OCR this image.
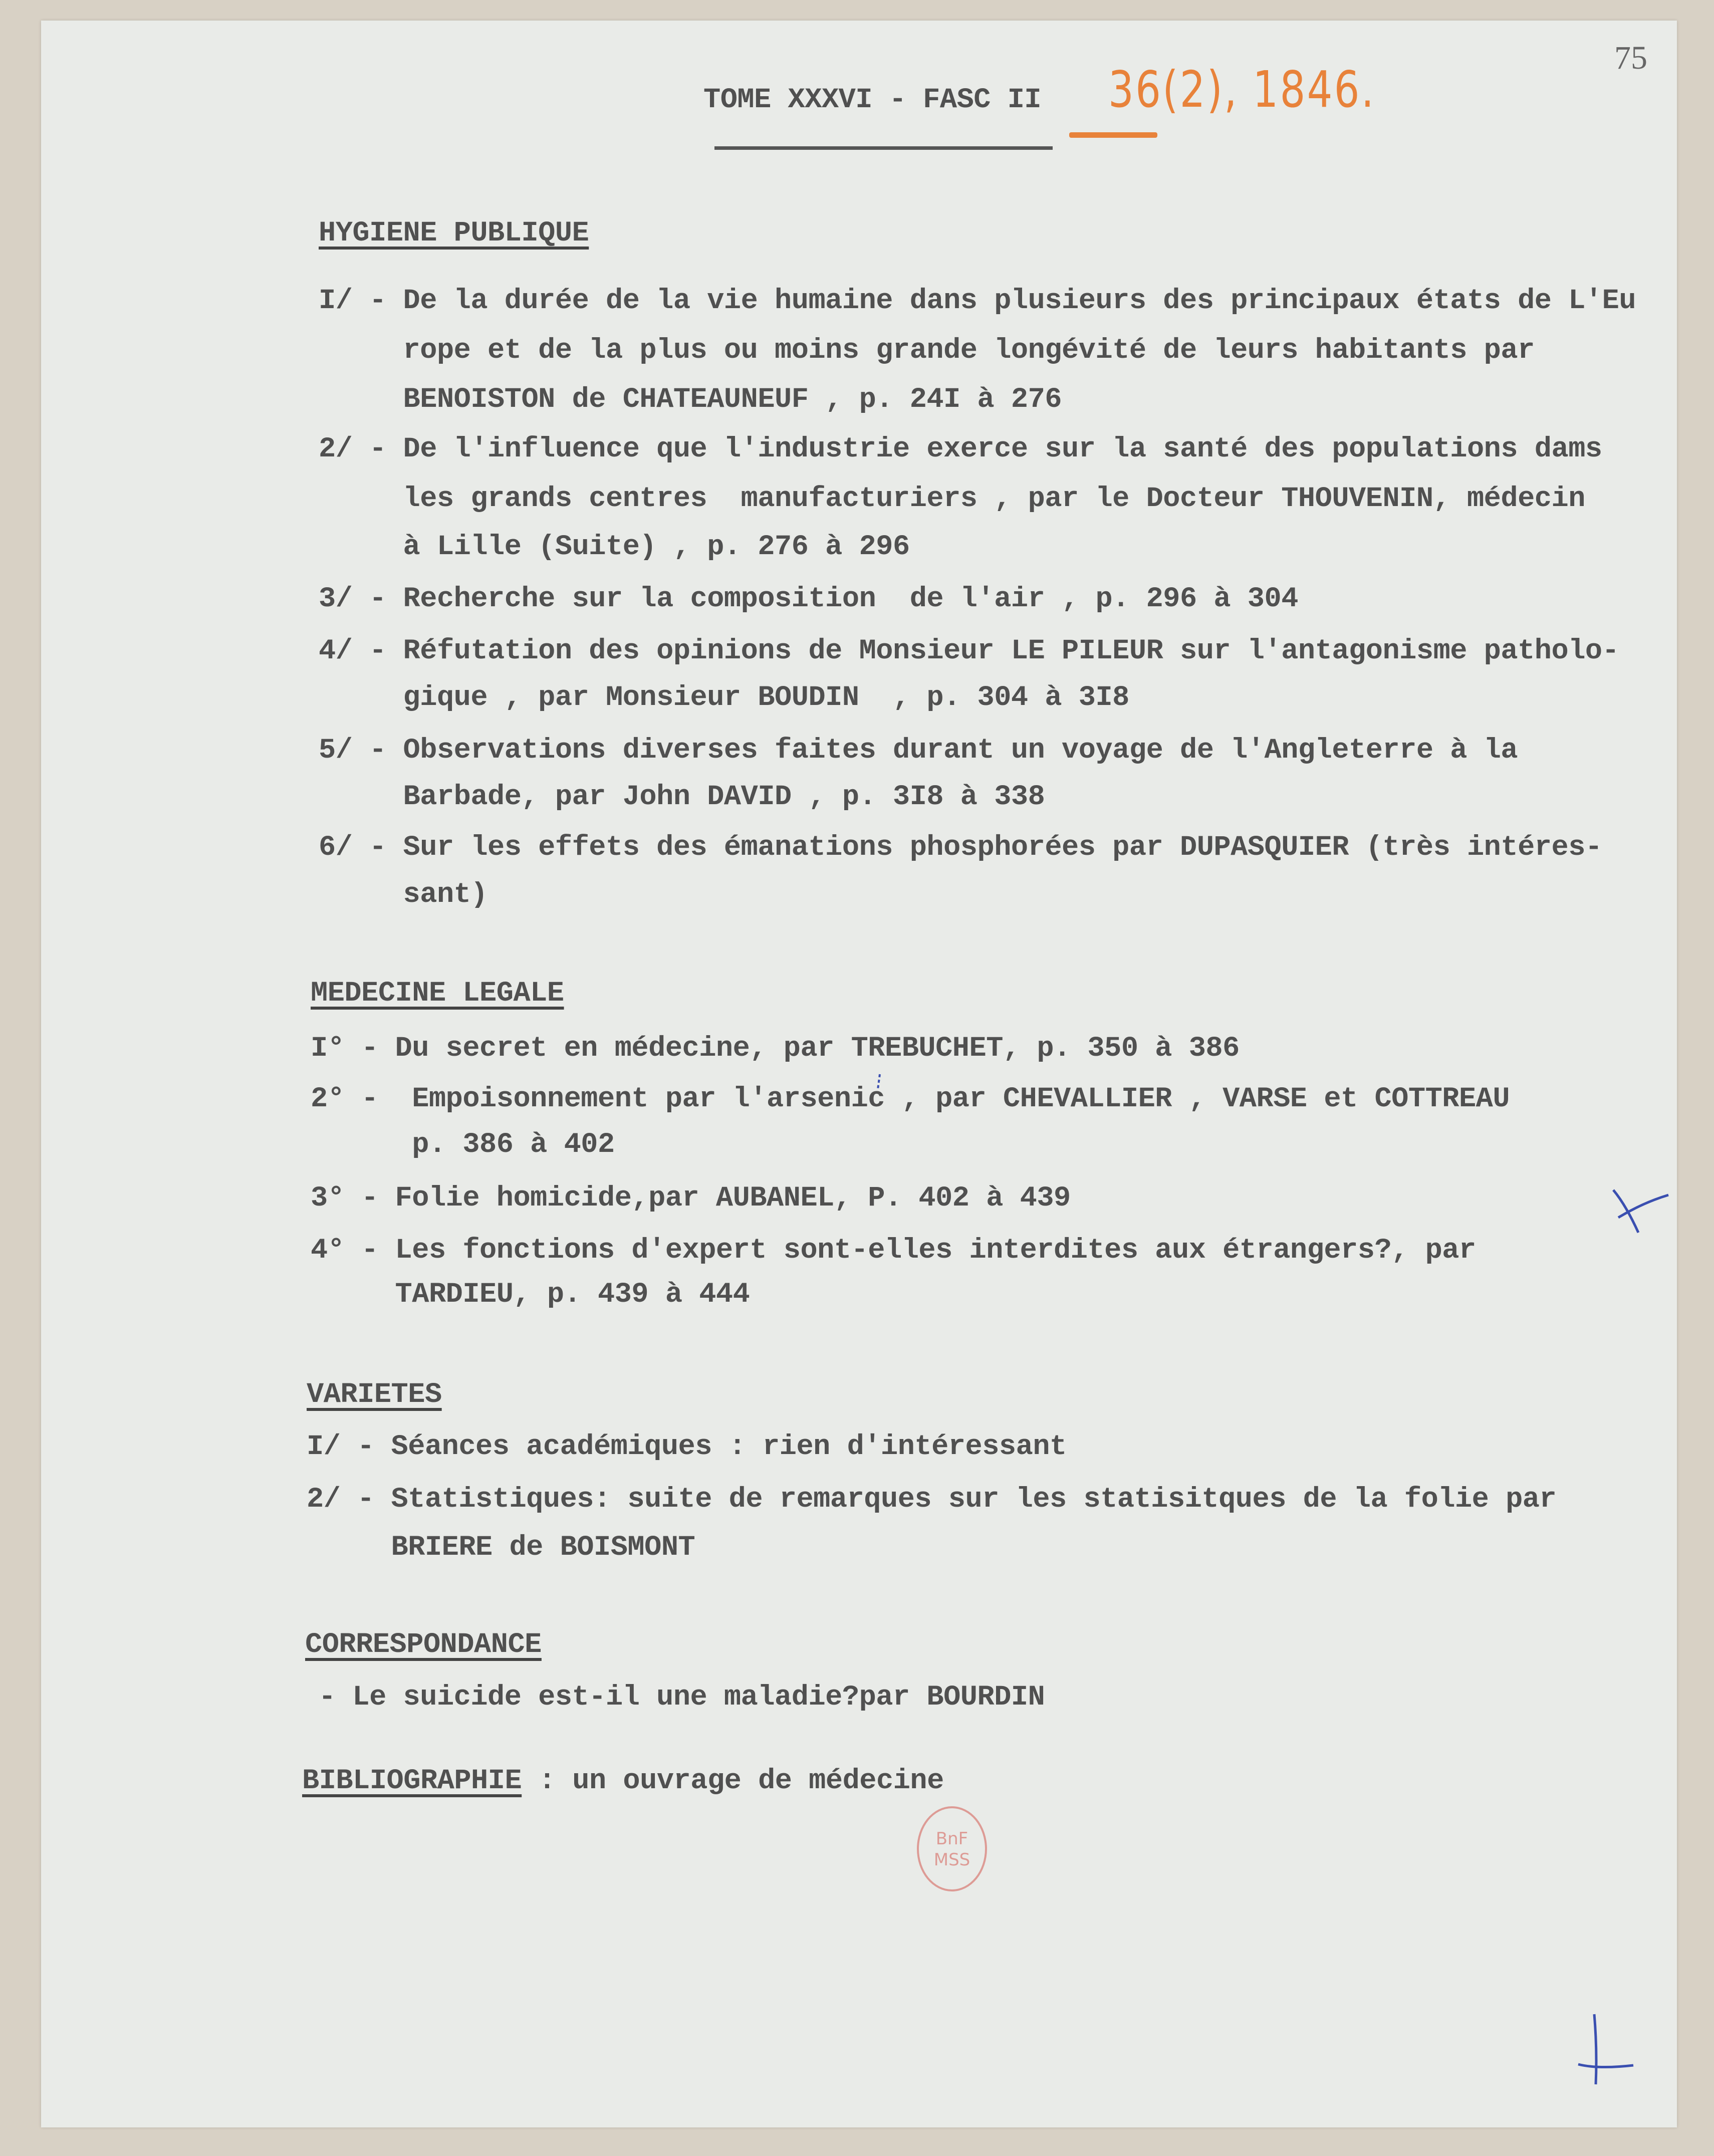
75
TOME XXXVI - FASC II 36(2), 1846.
HYGIENE PUBLIQUE
I/ - De la durée de la vie humaine dans plusieurs des principaux états de L'Eu
rope et de la plus ou moins grande longévité de leurs habitants par
BENOISTON de CHATEAUNEUF , p. 24I à 276
2/ - De l'influence que l'industrie exerce sur la santé des populations dams
les grands centres  manufacturiers , par le Docteur THOUVENIN, médecin
à Lille (Suite) , p. 276 à 296
3/ - Recherche sur la composition  de l'air , p. 296 à 304
4/ - Réfutation des opinions de Monsieur LE PILEUR sur l'antagonisme patholo-
gique , par Monsieur BOUDIN  , p. 304 à 3I8
5/ - Observations diverses faites durant un voyage de l'Angleterre à la
Barbade, par John DAVID , p. 3I8 à 338
6/ - Sur les effets des émanations phosphorées par DUPASQUIER (très intéres-
sant)
MEDECINE LEGALE
I° - Du secret en médecine, par TREBUCHET, p. 350 à 386
2° -  Empoisonnement par l'arsenic , par CHEVALLIER , VARSE et COTTREAU
p. 386 à 402
3° - Folie homicide,par AUBANEL, P. 402 à 439
4° - Les fonctions d'expert sont-elles interdites aux étrangers?, par
TARDIEU, p. 439 à 444
VARIETES
I/ - Séances académiques : rien d'intéressant
2/ - Statistiques: suite de remarques sur les statisitques de la folie par
BRIERE de BOISMONT
CORRESPONDANCE
- Le suicide est-il une maladie?par BOURDIN
BIBLIOGRAPHIE : un ouvrage de médecine
BnF
MSS
